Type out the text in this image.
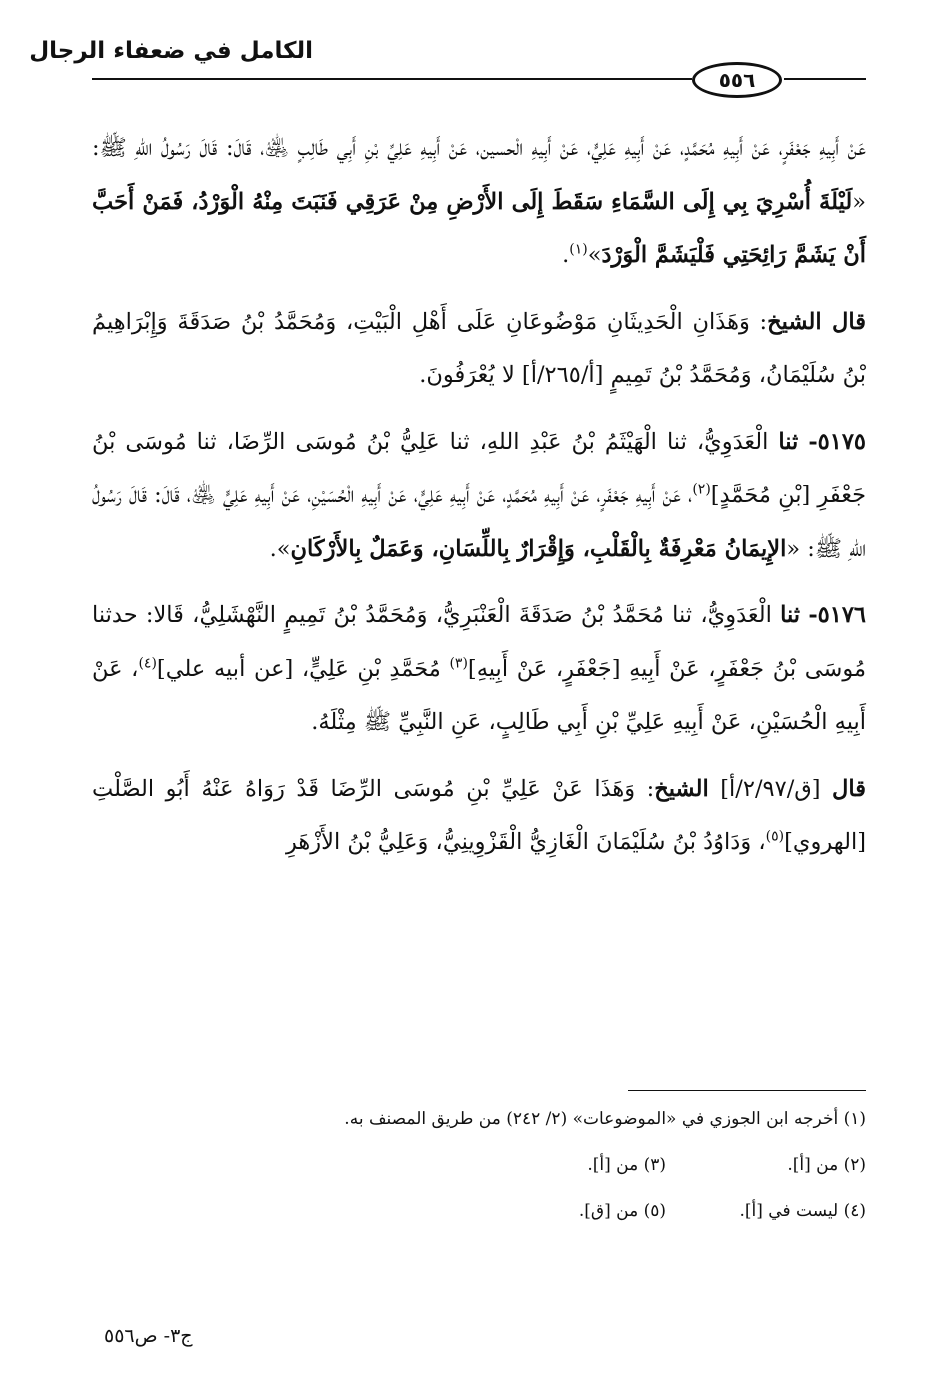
الكامل في ضعفاء الرجال
٥٥٦

عَنْ أَبِيهِ جَعْفَرٍ، عَنْ أَبِيهِ مُحَمَّدٍ، عَنْ أَبِيهِ عَلِيٍّ، عَنْ أَبِيهِ الْحسين، عَنْ أَبِيهِ عَلِيِّ بْنِ أَبِي طَالِبٍ ﵁، قَالَ: قَالَ رَسُولُ اللهِ ﷺ: «لَيْلَةَ أُسْرِيَ بِي إِلَى السَّمَاءِ سَقَطَ إِلَى الأَرْضِ مِنْ عَرَقِي فَنَبَتَ مِنْهُ الْوَرْدُ، فَمَنْ أَحَبَّ أَنْ يَشَمَّ رَائِحَتِي فَلْيَشَمَّ الْوَرْدَ»$^{(١)}$.

قال الشيخ: وَهَذَانِ الْحَدِيثَانِ مَوْضُوعَانِ عَلَى أَهْلِ الْبَيْتِ، وَمُحَمَّدُ بْنُ صَدَقَةَ وَإِبْرَاهِيمُ بْنُ سُلَيْمَانُ، وَمُحَمَّدُ بْنُ تَمِيمٍ [أ/٢٦٥/أ] لا يُعْرَفُونَ.

٥١٧٥- ثنا الْعَدَوِيُّ، ثنا الْهَيْثَمُ بْنُ عَبْدِ اللهِ، ثنا عَلِيُّ بْنُ مُوسَى الرِّضَا، ثنا مُوسَى بْنُ جَعْفَرِ [بْنِ مُحَمَّدٍ]$^{(٢)}$، عَنْ أَبِيهِ جَعْفَرٍ، عَنْ أَبِيهِ مُحَمَّدٍ، عَنْ أَبِيهِ عَلِيٍّ، عَنْ أَبِيهِ الْحُسَيْنِ، عَنْ أَبِيهِ عَلِيٍّ ﵁، قَالَ: قَالَ رَسُولُ اللهِ ﷺ: «الإِيمَانُ مَعْرِفَةٌ بِالْقَلْبِ، وَإِقْرَارٌ بِاللِّسَانِ، وَعَمَلٌ بِالأَرْكَانِ».

٥١٧٦- ثنا الْعَدَوِيُّ، ثنا مُحَمَّدُ بْنُ صَدَقَةَ الْعَنْبَرِيُّ، وَمُحَمَّدُ بْنُ تَمِيمٍ النَّهْشَلِيُّ، قَالا: حدثنا مُوسَى بْنُ جَعْفَرٍ، عَنْ أَبِيهِ [جَعْفَرٍ، عَنْ أَبِيهِ]$^{(٣)}$ مُحَمَّدِ بْنِ عَلِيٍّ، [عن أبيه علي]$^{(٤)}$، عَنْ أَبِيهِ الْحُسَيْنِ، عَنْ أَبِيهِ عَلِيِّ بْنِ أَبِي طَالِبٍ، عَنِ النَّبِيِّ ﷺ مِثْلَهُ.

قال [ق/٢/٩٧/أ] الشيخ: وَهَذَا عَنْ عَلِيِّ بْنِ مُوسَى الرِّضَا قَدْ رَوَاهُ عَنْهُ أَبُو الصَّلْتِ [الهروي]$^{(٥)}$، وَدَاوُدُ بْنُ سُلَيْمَانَ الْغَازِيُّ الْقَزْوِينِيُّ، وَعَلِيُّ بْنُ الأَزْهَرِ

(١) أخرجه ابن الجوزي في «الموضوعات» (٢/ ٢٤٢) من طريق المصنف به.
(٢) من [أ].
(٣) من [أ].
(٤) ليست في [أ].
(٥) من [ق].
ج٣- ص٥٥٦
